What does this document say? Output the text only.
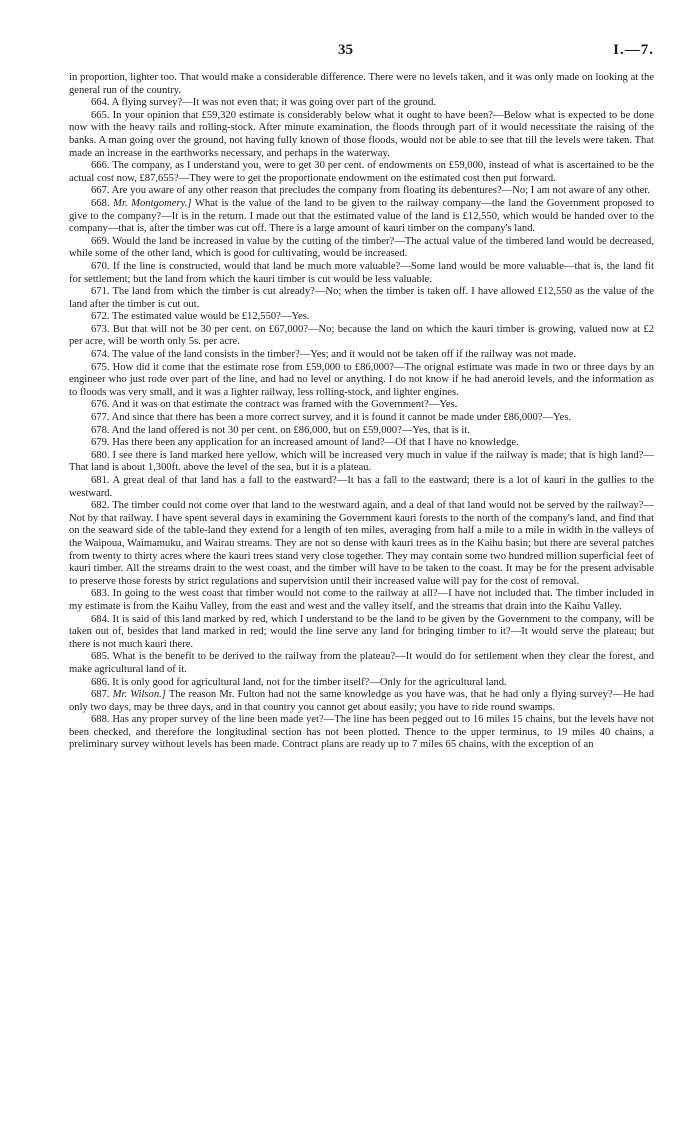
35	I.—7.

in proportion, lighter too. That would make a considerable difference. There were no levels taken, and it was only made on looking at the general run of the country.

664. A flying survey?—It was not even that; it was going over part of the ground.

665. In your opinion that £59,320 estimate is considerably below what it ought to have been?—Below what is expected to be done now with the heavy rails and rolling-stock. After minute examination, the floods through part of it would necessitate the raising of the banks. A man going over the ground, not having fully known of those floods, would not be able to see that till the levels were taken. That made an increase in the earthworks necessary, and perhaps in the waterway.

666. The company, as I understand you, were to get 30 per cent. of endowments on £59,000, instead of what is ascertained to be the actual cost now, £87,655?—They were to get the proportionate endowment on the estimated cost then put forward.

667. Are you aware of any other reason that precludes the company from floating its debentures?—No; I am not aware of any other.

668. Mr. Montgomery.] What is the value of the land to be given to the railway company—the land the Government proposed to give to the company?—It is in the return. I made out that the estimated value of the land is £12,550, which would be handed over to the company—that is, after the timber was cut off. There is a large amount of kauri timber on the company's land.

669. Would the land be increased in value by the cutting of the timber?—The actual value of the timbered land would be decreased, while some of the other land, which is good for cultivating, would be increased.

670. If the line is constructed, would that land be much more valuable?—Some land would be more valuable—that is, the land fit for settlement; but the land from which the kauri timber is cut would be less valuable.

671. The land from which the timber is cut already?—No; when the timber is taken off. I have allowed £12,550 as the value of the land after the timber is cut out.

672. The estimated value would be £12,550?—Yes.

673. But that will not be 30 per cent. on £67,000?—No; because the land on which the kauri timber is growing, valued now at £2 per acre, will be worth only 5s. per acre.

674. The value of the land consists in the timber?—Yes; and it would not be taken off if the railway was not made.

675. How did it come that the estimate rose from £59,000 to £86,000?—The orignal estimate was made in two or three days by an engineer who just rode over part of the line, and had no level or anything. I do not know if he had aneroid levels, and the information as to floods was very small, and it was a lighter railway, less rolling-stock, and lighter engines.

676. And it was on that estimate the contract was framed with the Government?—Yes.

677. And since that there has been a more correct survey, and it is found it cannot be made under £86,000?—Yes.

678. And the land offered is not 30 per cent. on £86,000, but on £59,000?—Yes, that is it.

679. Has there been any application for an increased amount of land?—Of that I have no knowledge.

680. I see there is land marked here yellow, which will be increased very much in value if the railway is made; that is high land?—That land is about 1,300ft. above the level of the sea, but it is a plateau.

681. A great deal of that land has a fall to the eastward?—It has a fall to the eastward; there is a lot of kauri in the gullies to the westward.

682. The timber could not come over that land to the westward again, and a deal of that land would not be served by the railway?—Not by that railway. I have spent several days in examining the Government kauri forests to the north of the company's land, and find that on the seaward side of the table-land they extend for a length of ten miles, averaging from half a mile to a mile in width in the valleys of the Waipoua, Waimamuku, and Wairau streams. They are not so dense with kauri trees as in the Kaihu basin; but there are several patches from twenty to thirty acres where the kauri trees stand very close together. They may contain some two hundred million superficial feet of kauri timber. All the streams drain to the west coast, and the timber will have to be taken to the coast. It may be for the present advisable to preserve those forests by strict regulations and supervision until their increased value will pay for the cost of removal.

683. In going to the west coast that timber would not come to the railway at all?—I have not included that. The timber included in my estimate is from the Kaihu Valley, from the east and west and the valley itself, and the streams that drain into the Kaihu Valley.

684. It is said of this land marked by red, which I understand to be the land to be given by the Government to the company, will be taken out of, besides that land marked in red; would the line serve any land for bringing timber to it?—It would serve the plateau; but there is not much kauri there.

685. What is the benefit to be derived to the railway from the plateau?—It would do for settlement when they clear the forest, and make agricultural land of it.

686. It is only good for agricultural land, not for the timber itself?—Only for the agricultural land.

687. Mr. Wilson.] The reason Mr. Fulton had not the same knowledge as you have was, that he had only a flying survey?—He had only two days, may be three days, and in that country you cannot get about easily; you have to ride round swamps.

688. Has any proper survey of the line been made yet?—The line has been pegged out to 16 miles 15 chains, but the levels have not been checked, and therefore the longitudinal section has not been plotted. Thence to the upper terminus, to 19 miles 40 chains, a preliminary survey without levels has been made. Contract plans are ready up to 7 miles 65 chains, with the exception of an
